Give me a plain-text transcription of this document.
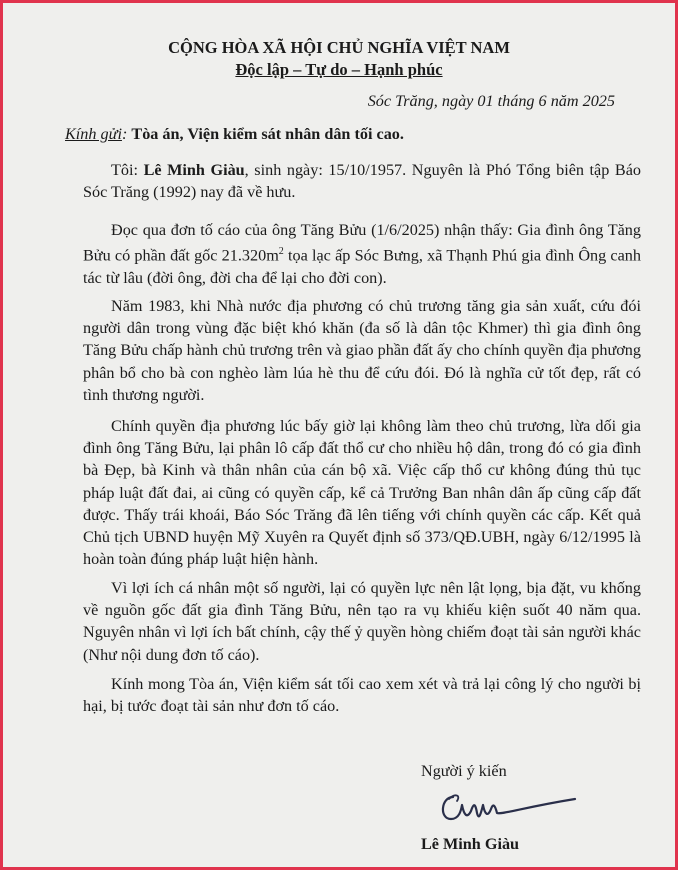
CỘNG HÒA XÃ HỘI CHỦ NGHĨA VIỆT NAM
Độc lập – Tự do – Hạnh phúc
Sóc Trăng, ngày 01 tháng 6 năm 2025
Kính gửi: Tòa án, Viện kiểm sát nhân dân tối cao.
Tôi: Lê Minh Giàu, sinh ngày: 15/10/1957. Nguyên là Phó Tổng biên tập Báo Sóc Trăng (1992) nay đã về hưu.
Đọc qua đơn tố cáo của ông Tăng Bửu (1/6/2025) nhận thấy: Gia đình ông Tăng Bửu có phần đất gốc $21.320m^2$ tọa lạc ấp Sóc Bưng, xã Thạnh Phú gia đình Ông canh tác từ lâu (đời ông, đời cha để lại cho đời con).
Năm 1983, khi Nhà nước địa phương có chủ trương tăng gia sản xuất, cứu đói người dân trong vùng đặc biệt khó khăn (đa số là dân tộc Khmer) thì gia đình ông Tăng Bửu chấp hành chủ trương trên và giao phần đất ấy cho chính quyền địa phương phân bổ cho bà con nghèo làm lúa hè thu để cứu đói. Đó là nghĩa cử tốt đẹp, rất có tình thương người.
Chính quyền địa phương lúc bấy giờ lại không làm theo chủ trương, lừa dối gia đình ông Tăng Bửu, lại phân lô cấp đất thổ cư cho nhiều hộ dân, trong đó có gia đình bà Đẹp, bà Kinh và thân nhân của cán bộ xã. Việc cấp thổ cư không đúng thủ tục pháp luật đất đai, ai cũng có quyền cấp, kể cả Trưởng Ban nhân dân ấp cũng cấp đất được. Thấy trái khoái, Báo Sóc Trăng đã lên tiếng với chính quyền các cấp. Kết quả Chủ tịch UBND huyện Mỹ Xuyên ra Quyết định số 373/QĐ.UBH, ngày 6/12/1995 là hoàn toàn đúng pháp luật hiện hành.
Vì lợi ích cá nhân một số người, lại có quyền lực nên lật lọng, bịa đặt, vu khống về nguồn gốc đất gia đình Tăng Bửu, nên tạo ra vụ khiếu kiện suốt 40 năm qua. Nguyên nhân vì lợi ích bất chính, cậy thế ỷ quyền hòng chiếm đoạt tài sản người khác (Như nội dung đơn tố cáo).
Kính mong Tòa án, Viện kiểm sát tối cao xem xét và trả lại công lý cho người bị hại, bị tước đoạt tài sản như đơn tố cáo.
Người ý kiến
Lê Minh Giàu
